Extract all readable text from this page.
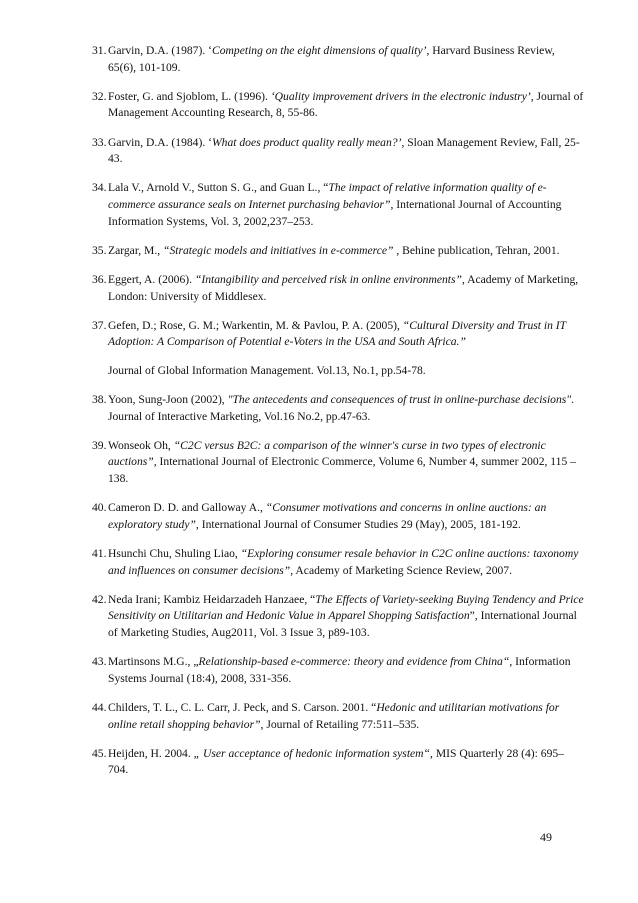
31. Garvin, D.A. (1987). ‘Competing on the eight dimensions of quality’, Harvard Business Review, 65(6), 101-109.

32. Foster, G. and Sjoblom, L. (1996). ‘Quality improvement drivers in the electronic industry’, Journal of Management Accounting Research, 8, 55-86.

33. Garvin, D.A. (1984). ‘What does product quality really mean?’, Sloan Management Review, Fall, 25-43.

34. Lala V., Arnold V., Sutton S. G., and Guan L., “The impact of relative information quality of e-commerce assurance seals on Internet purchasing behavior”, International Journal of Accounting Information Systems, Vol. 3, 2002,237–253.

35. Zargar, M., “Strategic models and initiatives in e-commerce” , Behine publication, Tehran, 2001.

36. Eggert, A. (2006). “Intangibility and perceived risk in online environments”, Academy of Marketing, London: University of Middlesex.

37. Gefen, D.; Rose, G. M.; Warkentin, M. & Pavlou, P. A. (2005), “Cultural Diversity and Trust in IT Adoption: A Comparison of Potential e-Voters in the USA and South Africa.”

Journal of Global Information Management. Vol.13, No.1, pp.54-78.

38. Yoon, Sung-Joon (2002), "The antecedents and consequences of trust in online-purchase decisions". Journal of Interactive Marketing, Vol.16 No.2, pp.47-63.

39. Wonseok Oh, “C2C versus B2C: a comparison of the winner's curse in two types of electronic auctions”, International Journal of Electronic Commerce, Volume 6, Number 4, summer 2002, 115 – 138.

40. Cameron D. D. and Galloway A., “Consumer motivations and concerns in online auctions: an exploratory study”, International Journal of Consumer Studies 29 (May), 2005, 181-192.

41. Hsunchi Chu, Shuling Liao, “Exploring consumer resale behavior in C2C online auctions: taxonomy and influences on consumer decisions”, Academy of Marketing Science Review, 2007.

42. Neda Irani; Kambiz Heidarzadeh Hanzaee, “The Effects of Variety-seeking Buying Tendency and Price Sensitivity on Utilitarian and Hedonic Value in Apparel Shopping Satisfaction”, International Journal of Marketing Studies, Aug2011, Vol. 3 Issue 3, p89-103.

43. Martinsons M.G., „Relationship-based e-commerce: theory and evidence from China“, Information Systems Journal (18:4), 2008, 331-356.

44. Childers, T. L., C. L. Carr, J. Peck, and S. Carson. 2001. “Hedonic and utilitarian motivations for online retail shopping behavior”, Journal of Retailing 77:511–535.

45. Heijden, H. 2004. „ User acceptance of hedonic information system“, MIS Quarterly 28 (4): 695–704.

49
